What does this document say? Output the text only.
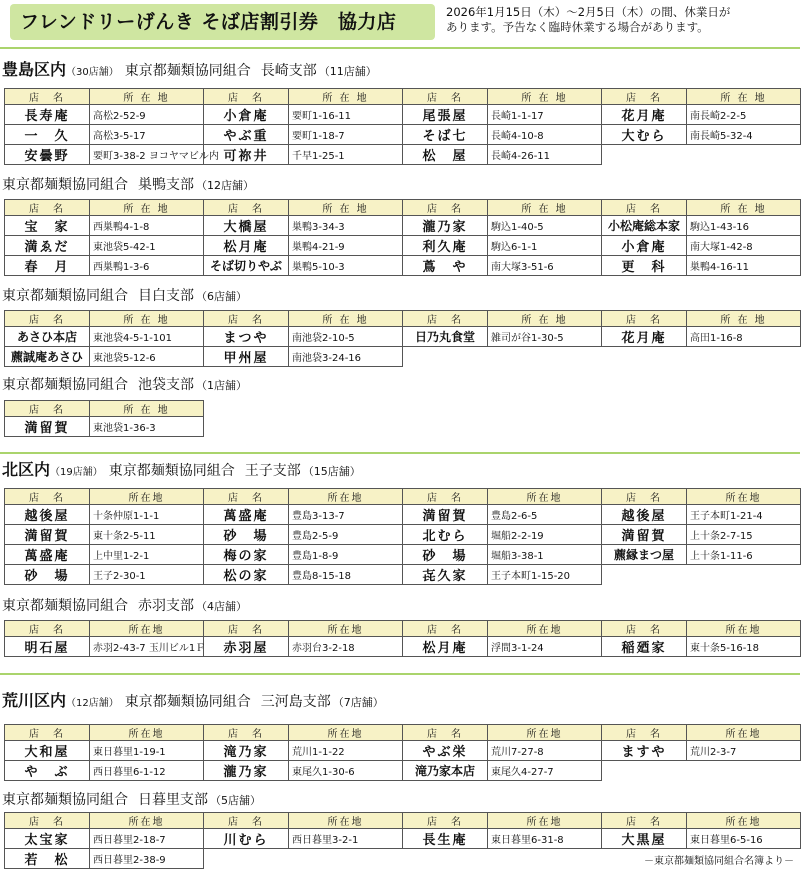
フレンドリーげんき そば店割引券　協力店	2026年1月15日（木）～2月5日（木）の間、休業日が
あります。予告なく臨時休業する場合があります。
豊島区内（30店舗） 東京都麺類協同組合 長崎支部 （11店舗）
店　名	所 在 地	店　名	所 在 地	店　名	所 在 地	店　名	所 在 地
長寿庵	高松2-52-9	小倉庵	要町1-16-11	尾張屋	長崎1-1-17	花月庵	南長崎2-2-5
一　久	高松3-5-17	やぶ重	要町1-18-7	そば七	長崎4-10-8	大むら	南長崎5-32-4
安曇野	要町3-38-2 ヨコヤマビル内	可祢井	千早1-25-1	松　屋	長崎4-26-11		
東京都麺類協同組合 巣鴨支部 （12店舗）
店　名	所 在 地	店　名	所 在 地	店　名	所 在 地	店　名	所 在 地
宝　家	西巣鴨4-1-8	大橋屋	巣鴨3-34-3	瀧乃家	駒込1-40-5	小松庵総本家	駒込1-43-16
満ゑだ	東池袋5-42-1	松月庵	巣鴨4-21-9	利久庵	駒込6-1-1	小倉庵	南大塚1-42-8
春　月	西巣鴨1-3-6	そば切りやぶ	巣鴨5-10-3	蔦　や	南大塚3-51-6	更　科	巣鴨4-16-11
東京都麺類協同組合 目白支部 （6店舗）
店　名	所 在 地	店　名	所 在 地	店　名	所 在 地	店　名	所 在 地
あさひ本店	東池袋4-5-1-101	まつや	南池袋2-10-5	日乃丸食堂	雑司が谷1-30-5	花月庵	高田1-16-8
藨誠庵あさひ	東池袋5-12-6	甲州屋	南池袋3-24-16				
東京都麺類協同組合 池袋支部 （1店舗）
店　名	所 在 地
満留賀	東池袋1-36-3
北区内（19店舗） 東京都麺類協同組合 王子支部 （15店舗）
店　名	所在地	店　名	所在地	店　名	所在地	店　名	所在地
越後屋	十条仲原1-1-1	萬盛庵	豊島3-13-7	満留賀	豊島2-6-5	越後屋	王子本町1-21-4
満留賀	東十条2-5-11	砂　場	豊島2-5-9	北むら	堀船2-2-19	満留賀	上十条2-7-15
萬盛庵	上中里1-2-1	梅の家	豊島1-8-9	砂　場	堀船3-38-1	藨縁まつ屋	上十条1-11-6
砂　場	王子2-30-1	松の家	豊島8-15-18	㐂久家	王子本町1-15-20		
東京都麺類協同組合 赤羽支部 （4店舗）
店　名	所在地	店　名	所在地	店　名	所在地	店　名	所在地
明石屋	赤羽2-43-7 玉川ビル1Ｆ	赤羽屋	赤羽台3-2-18	松月庵	浮間3-1-24	稲廼家	東十条5-16-18
荒川区内（12店舗） 東京都麺類協同組合 三河島支部 （7店舗）
店　名	所在地	店　名	所在地	店　名	所在地	店　名	所在地
大和屋	東日暮里1-19-1	滝乃家	荒川1-1-22	やぶ栄	荒川7-27-8	ますや	荒川2-3-7
や　ぶ	西日暮里6-1-12	瀧乃家	東尾久1-30-6	滝乃家本店	東尾久4-27-7		
東京都麺類協同組合 日暮里支部 （5店舗）
店　名	所在地	店　名	所在地	店　名	所在地	店　名	所在地
太宝家	西日暮里2-18-7	川むら	西日暮里3-2-1	長生庵	東日暮里6-31-8	大黒屋	東日暮里6-5-16
若　松	西日暮里2-38-9							－東京都麺類協同組合名簿より－
